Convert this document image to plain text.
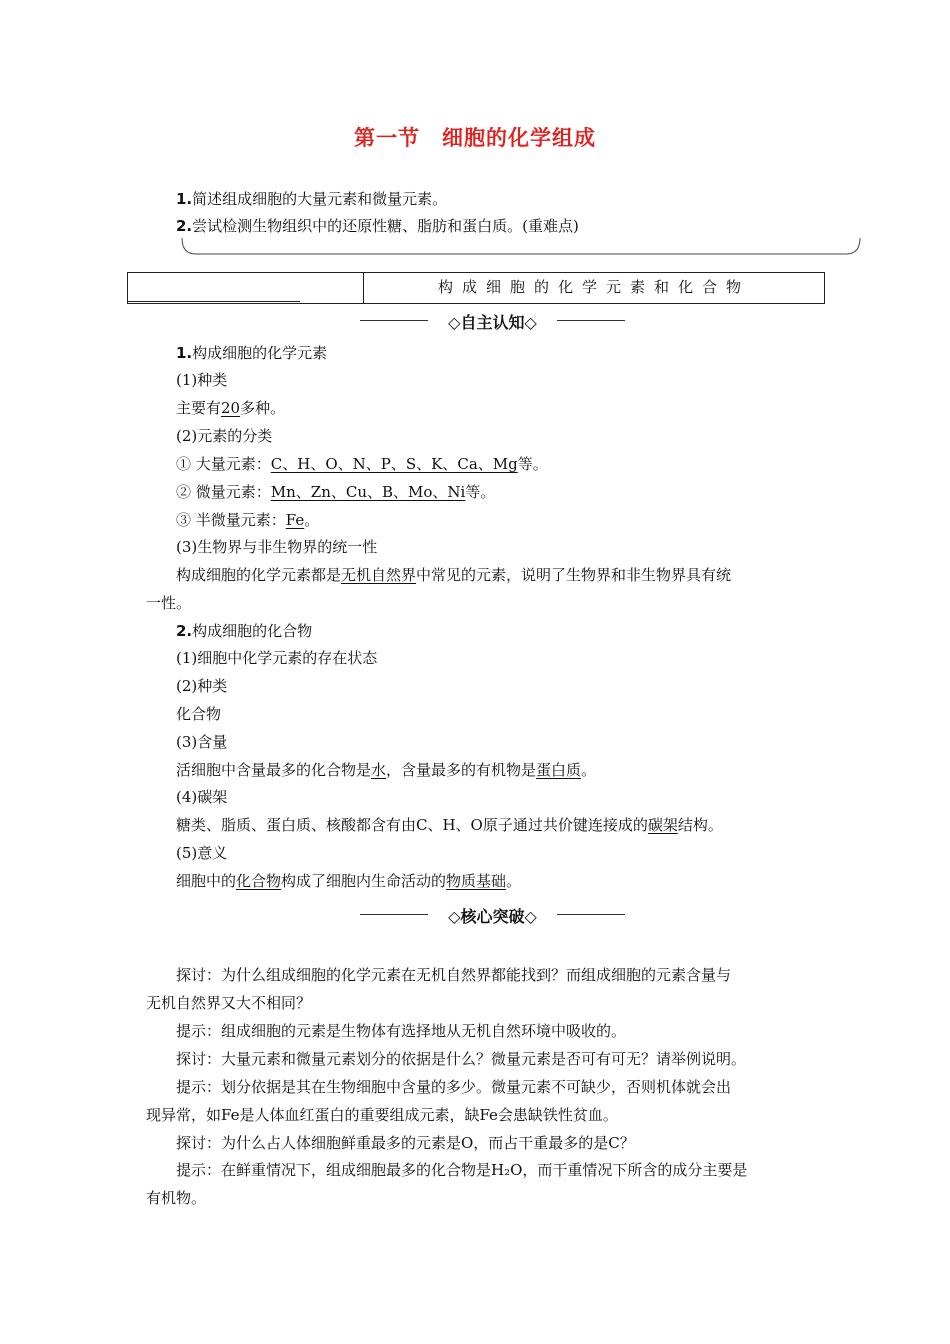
第一节 细胞的化学组成
1.简述组成细胞的大量元素和微量元素。
2.尝试检测生物组织中的还原性糖、脂肪和蛋白质。(重难点)
构成细胞的化学元素和化合物
◇自主认知◇
1.构成细胞的化学元素
(1)种类
主要有20多种。
(2)元素的分类
① 大量元素：C、H、O、N、P、S、K、Ca、Mg等。
② 微量元素：Mn、Zn、Cu、B、Mo、Ni等。
③ 半微量元素：Fe。
(3)生物界与非生物界的统一性
构成细胞的化学元素都是无机自然界中常见的元素，说明了生物界和非生物界具有统
一性。
2.构成细胞的化合物
(1)细胞中化学元素的存在状态
(2)种类
化合物
(3)含量
活细胞中含量最多的化合物是水，含量最多的有机物是蛋白质。
(4)碳架
糖类、脂质、蛋白质、核酸都含有由C、H、O原子通过共价键连接成的碳架结构。
(5)意义
细胞中的化合物构成了细胞内生命活动的物质基础。
◇核心突破◇
探讨：为什么组成细胞的化学元素在无机自然界都能找到？而组成细胞的元素含量与
无机自然界又大不相同？
提示：组成细胞的元素是生物体有选择地从无机自然环境中吸收的。
探讨：大量元素和微量元素划分的依据是什么？微量元素是否可有可无？请举例说明。
提示：划分依据是其在生物细胞中含量的多少。微量元素不可缺少，否则机体就会出
现异常，如Fe是人体血红蛋白的重要组成元素，缺Fe会患缺铁性贫血。
探讨：为什么占人体细胞鲜重最多的元素是O，而占干重最多的是C？
提示：在鲜重情况下，组成细胞最多的化合物是H₂O，而干重情况下所含的成分主要是
有机物。
